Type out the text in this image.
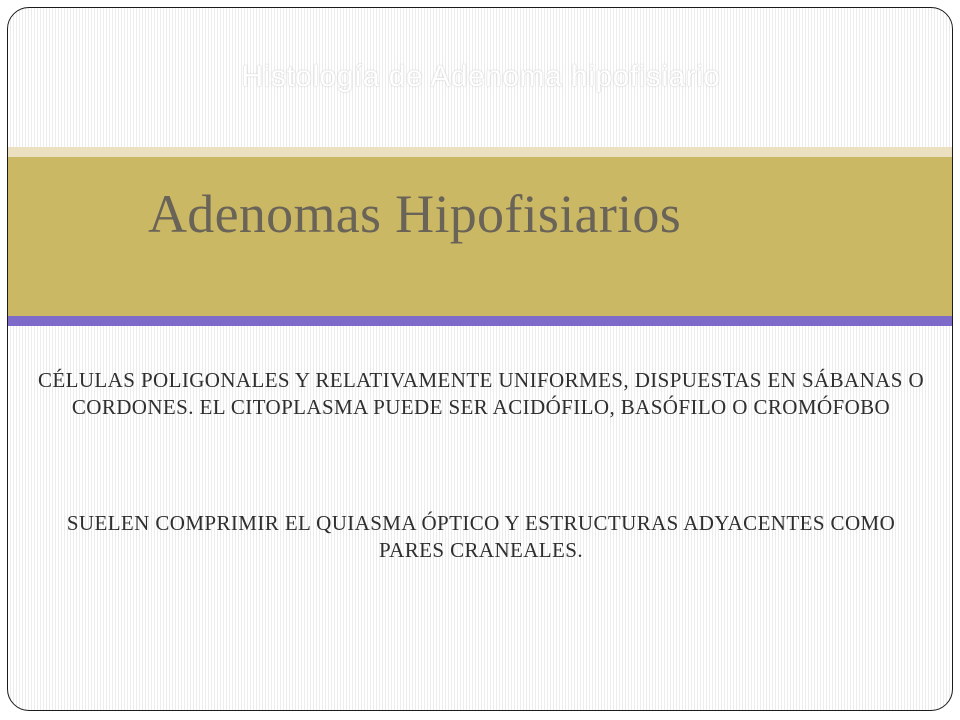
Histología de Adenoma hipofisiario
Adenomas Hipofisiarios

CÉLULAS POLIGONALES Y RELATIVAMENTE UNIFORMES, DISPUESTAS EN SÁBANAS O CORDONES. EL CITOPLASMA PUEDE SER ACIDÓFILO, BASÓFILO O CROMÓFOBO

SUELEN COMPRIMIR EL QUIASMA ÓPTICO Y ESTRUCTURAS ADYACENTES COMO PARES CRANEALES.
